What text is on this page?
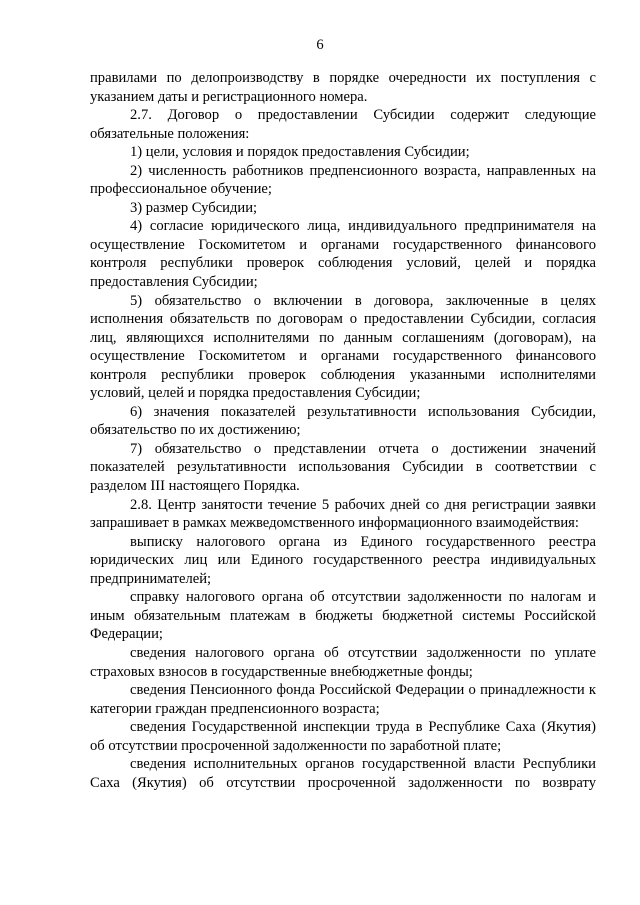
6

правилами по делопроизводству в порядке очередности их поступления с указанием даты и регистрационного номера.

2.7. Договор о предоставлении Субсидии содержит следующие обязательные положения:

1) цели, условия и порядок предоставления Субсидии;

2) численность работников предпенсионного возраста, направленных на профессиональное обучение;

3) размер Субсидии;

4) согласие юридического лица, индивидуального предпринимателя на осуществление Госкомитетом и органами государственного финансового контроля республики проверок соблюдения условий, целей и порядка предоставления Субсидии;

5) обязательство о включении в договора, заключенные в целях исполнения обязательств по договорам о предоставлении Субсидии, согласия лиц, являющихся исполнителями по данным соглашениям (договорам), на осуществление Госкомитетом и органами государственного финансового контроля республики проверок соблюдения указанными исполнителями условий, целей и порядка предоставления Субсидии;

6) значения показателей результативности использования Субсидии, обязательство по их достижению;

7) обязательство о представлении отчета о достижении значений показателей результативности использования Субсидии в соответствии с разделом III настоящего Порядка.

2.8. Центр занятости течение 5 рабочих дней со дня регистрации заявки запрашивает в рамках межведомственного информационного взаимодействия:

выписку налогового органа из Единого государственного реестра юридических лиц или Единого государственного реестра индивидуальных предпринимателей;

справку налогового органа об отсутствии задолженности по налогам и иным обязательным платежам в бюджеты бюджетной системы Российской Федерации;

сведения налогового органа об отсутствии задолженности по уплате страховых взносов в государственные внебюджетные фонды;

сведения Пенсионного фонда Российской Федерации о принадлежности к категории граждан предпенсионного возраста;

сведения Государственной инспекции труда в Республике Саха (Якутия) об отсутствии просроченной задолженности по заработной плате;

сведения исполнительных органов государственной власти Республики Саха (Якутия) об отсутствии просроченной задолженности по возврату
